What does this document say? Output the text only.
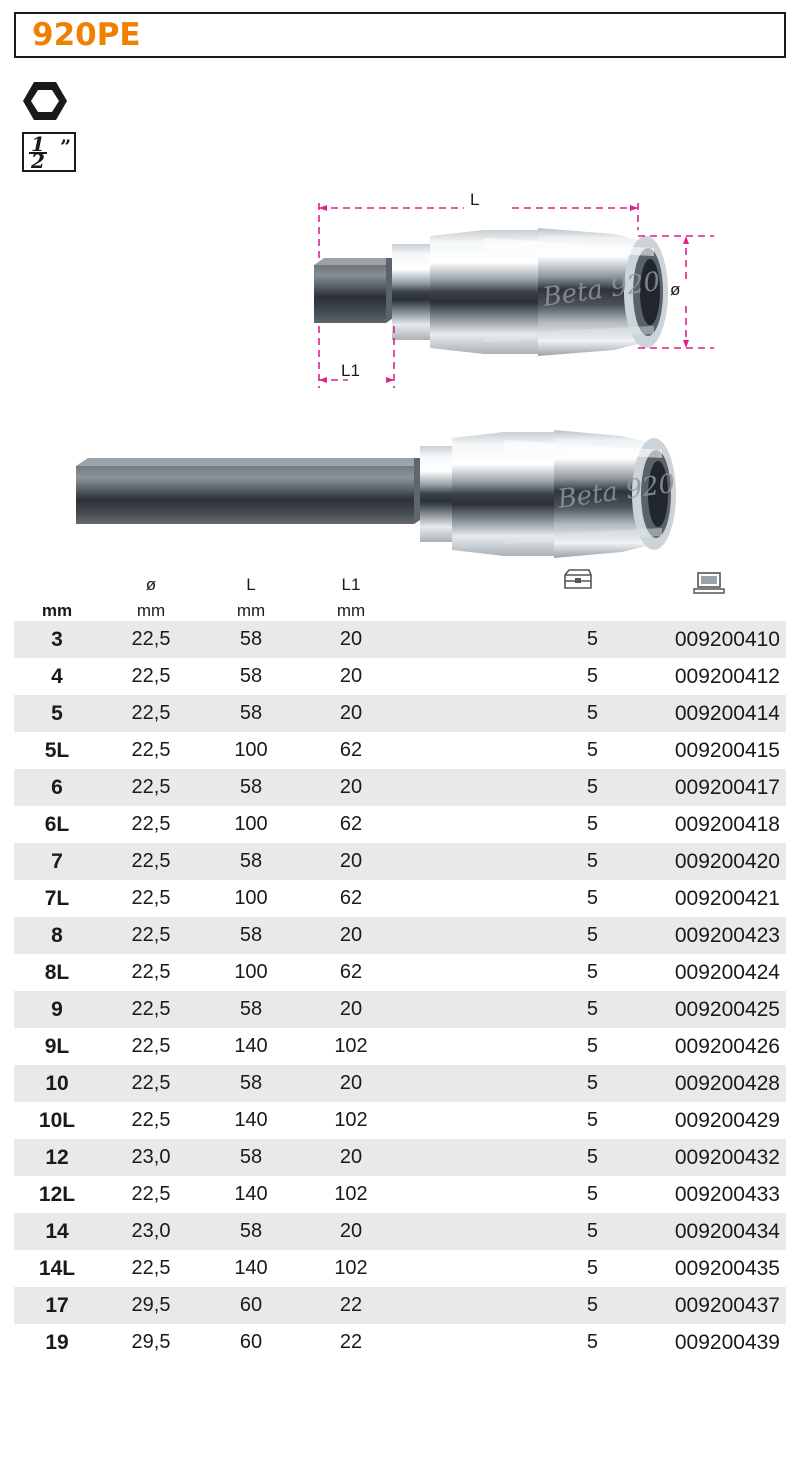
920PE
$\frac{1}{2}$ ”
Beta 920
Beta 920
L
L1
ø
	ø	L	L1			

mm	mm	mm	mm			
3	22,5	58	20		5	009200410
4	22,5	58	20		5	009200412
5	22,5	58	20		5	009200414
5L	22,5	100	62		5	009200415
6	22,5	58	20		5	009200417
6L	22,5	100	62		5	009200418
7	22,5	58	20		5	009200420
7L	22,5	100	62		5	009200421
8	22,5	58	20		5	009200423
8L	22,5	100	62		5	009200424
9	22,5	58	20		5	009200425
9L	22,5	140	102		5	009200426
10	22,5	58	20		5	009200428
10L	22,5	140	102		5	009200429
12	23,0	58	20		5	009200432
12L	22,5	140	102		5	009200433
14	23,0	58	20		5	009200434
14L	22,5	140	102		5	009200435
17	29,5	60	22		5	009200437
19	29,5	60	22		5	009200439
